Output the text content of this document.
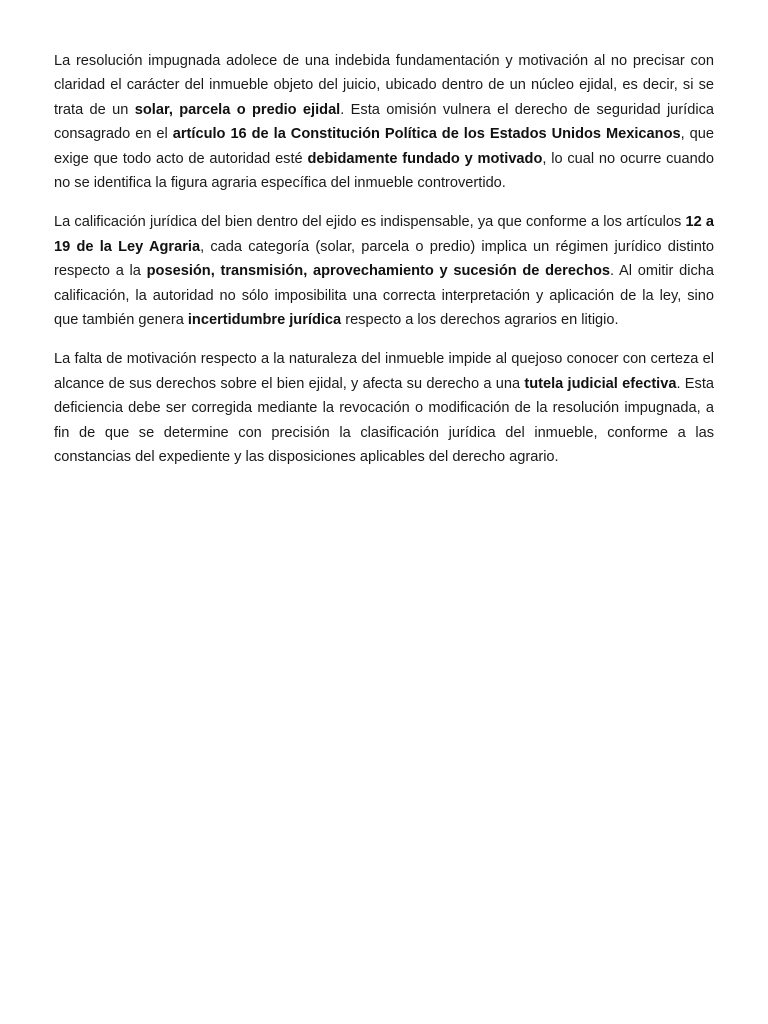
La resolución impugnada adolece de una indebida fundamentación y motivación al no precisar con claridad el carácter del inmueble objeto del juicio, ubicado dentro de un núcleo ejidal, es decir, si se trata de un solar, parcela o predio ejidal. Esta omisión vulnera el derecho de seguridad jurídica consagrado en el artículo 16 de la Constitución Política de los Estados Unidos Mexicanos, que exige que todo acto de autoridad esté debidamente fundado y motivado, lo cual no ocurre cuando no se identifica la figura agraria específica del inmueble controvertido.

La calificación jurídica del bien dentro del ejido es indispensable, ya que conforme a los artículos 12 a 19 de la Ley Agraria, cada categoría (solar, parcela o predio) implica un régimen jurídico distinto respecto a la posesión, transmisión, aprovechamiento y sucesión de derechos. Al omitir dicha calificación, la autoridad no sólo imposibilita una correcta interpretación y aplicación de la ley, sino que también genera incertidumbre jurídica respecto a los derechos agrarios en litigio.

La falta de motivación respecto a la naturaleza del inmueble impide al quejoso conocer con certeza el alcance de sus derechos sobre el bien ejidal, y afecta su derecho a una tutela judicial efectiva. Esta deficiencia debe ser corregida mediante la revocación o modificación de la resolución impugnada, a fin de que se determine con precisión la clasificación jurídica del inmueble, conforme a las constancias del expediente y las disposiciones aplicables del derecho agrario.
